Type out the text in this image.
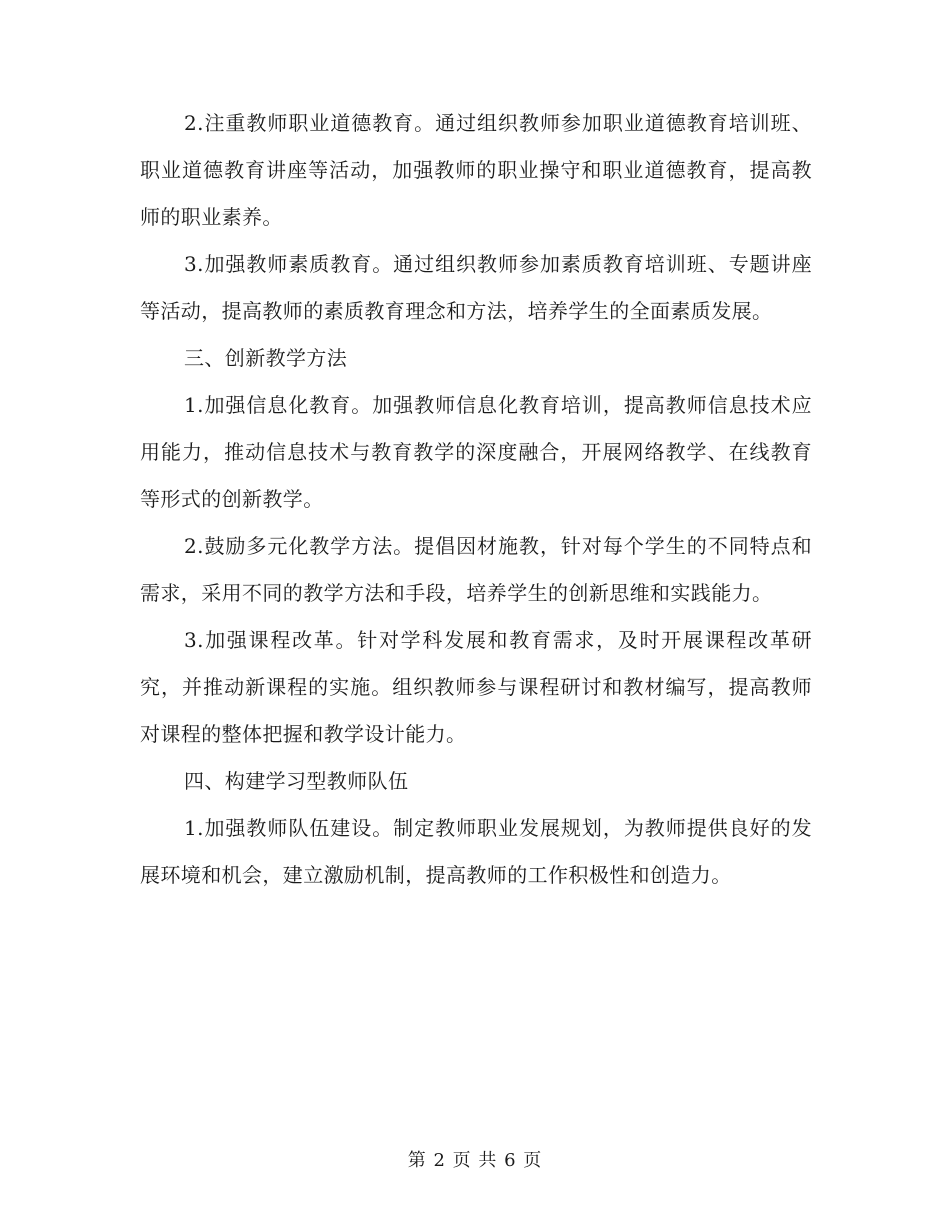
2.注重教师职业道德教育。通过组织教师参加职业道德教育培训班、职业道德教育讲座等活动，加强教师的职业操守和职业道德教育，提高教师的职业素养。

3.加强教师素质教育。通过组织教师参加素质教育培训班、专题讲座等活动，提高教师的素质教育理念和方法，培养学生的全面素质发展。

三、创新教学方法

1.加强信息化教育。加强教师信息化教育培训，提高教师信息技术应用能力，推动信息技术与教育教学的深度融合，开展网络教学、在线教育等形式的创新教学。

2.鼓励多元化教学方法。提倡因材施教，针对每个学生的不同特点和需求，采用不同的教学方法和手段，培养学生的创新思维和实践能力。

3.加强课程改革。针对学科发展和教育需求，及时开展课程改革研究，并推动新课程的实施。组织教师参与课程研讨和教材编写，提高教师对课程的整体把握和教学设计能力。

四、构建学习型教师队伍

1.加强教师队伍建设。制定教师职业发展规划，为教师提供良好的发展环境和机会，建立激励机制，提高教师的工作积极性和创造力。

第 2 页 共 6 页
